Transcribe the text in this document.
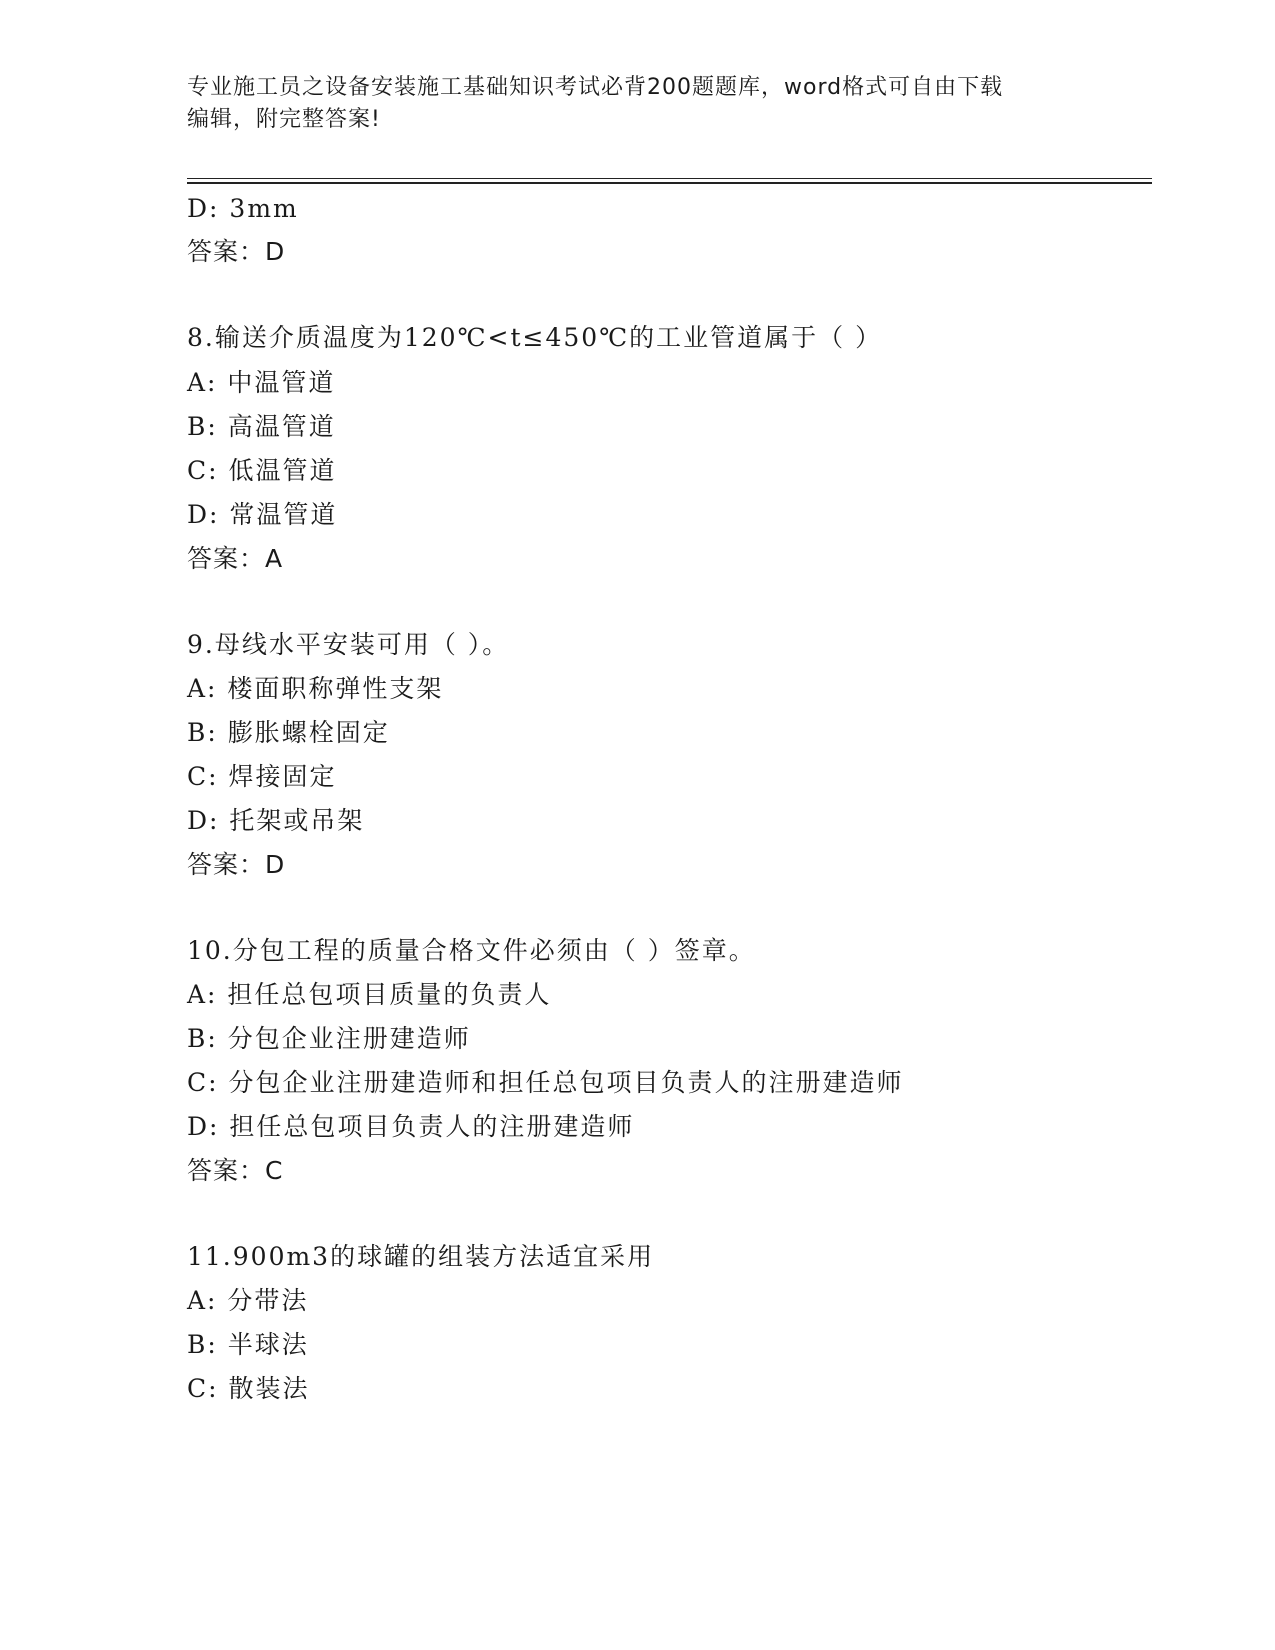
专业施工员之设备安装施工基础知识考试必背200题题库，word格式可自由下载
编辑，附完整答案!
D: 3mm
答案：D
8.输送介质温度为120℃<t≤450℃的工业管道属于（ ）
A: 中温管道
B: 高温管道
C: 低温管道
D: 常温管道
答案：A
9.母线水平安装可用（ ）。
A: 楼面职称弹性支架
B: 膨胀螺栓固定
C: 焊接固定
D: 托架或吊架
答案：D
10.分包工程的质量合格文件必须由（ ）签章。
A: 担任总包项目质量的负责人
B: 分包企业注册建造师
C: 分包企业注册建造师和担任总包项目负责人的注册建造师
D: 担任总包项目负责人的注册建造师
答案：C
11.900m3的球罐的组装方法适宜采用
A: 分带法
B: 半球法
C: 散装法
